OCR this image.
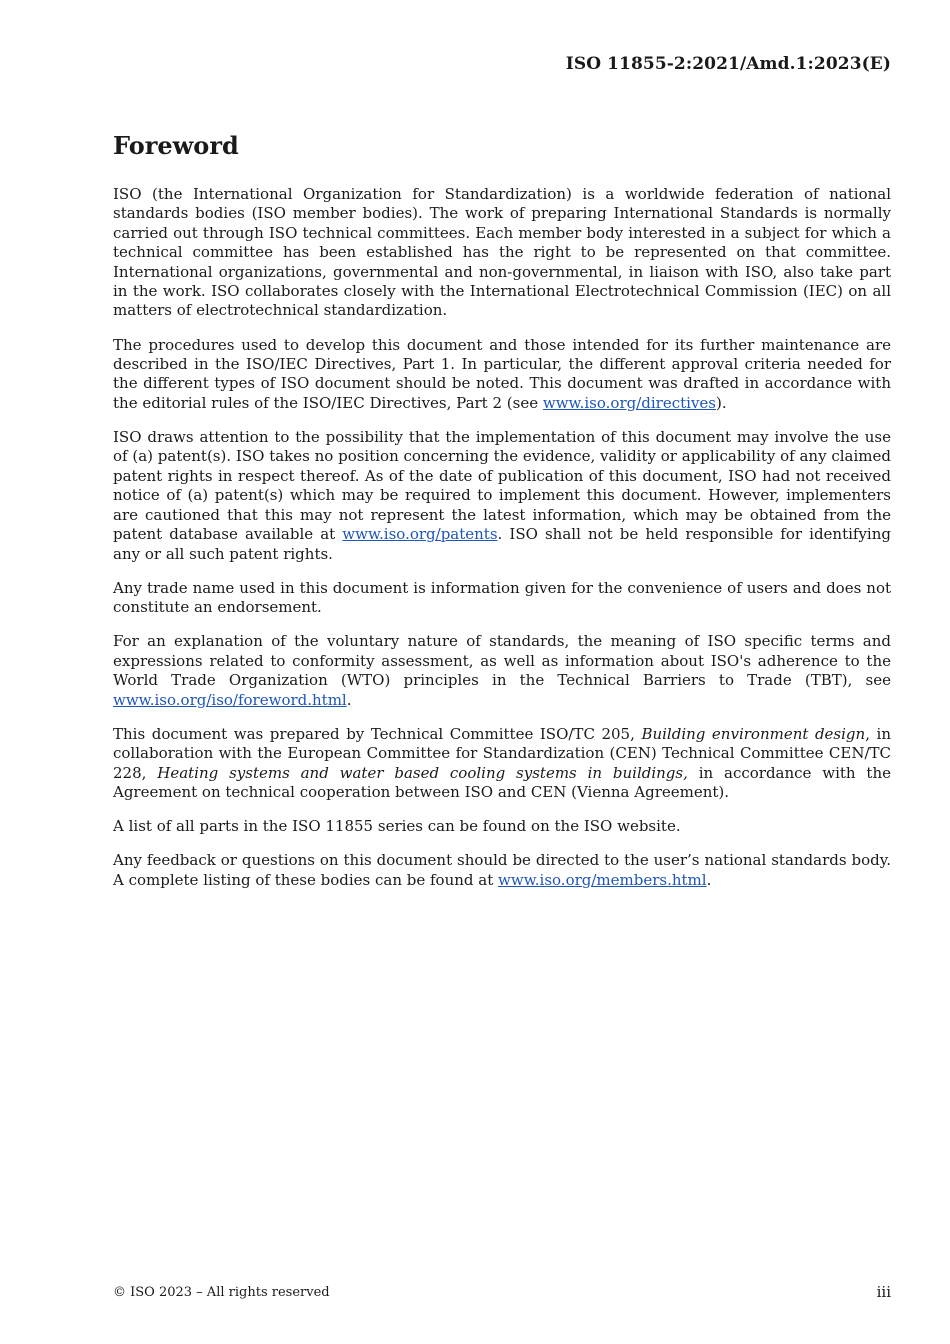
ISO 11855-2:2021/Amd.1:2023(E)
Foreword

ISO (the International Organization for Standardization) is a worldwide federation of national standards bodies (ISO member bodies). The work of preparing International Standards is normally carried out through ISO technical committees. Each member body interested in a subject for which a technical committee has been established has the right to be represented on that committee. International organizations, governmental and non-governmental, in liaison with ISO, also take part in the work. ISO collaborates closely with the International Electrotechnical Commission (IEC) on all matters of electrotechnical standardization.

The procedures used to develop this document and those intended for its further maintenance are described in the ISO/IEC Directives, Part 1. In particular, the different approval criteria needed for the different types of ISO document should be noted. This document was drafted in accordance with the editorial rules of the ISO/IEC Directives, Part 2 (see www.iso.org/directives).

ISO draws attention to the possibility that the implementation of this document may involve the use of (a) patent(s). ISO takes no position concerning the evidence, validity or applicability of any claimed patent rights in respect thereof. As of the date of publication of this document, ISO had not received notice of (a) patent(s) which may be required to implement this document. However, implementers are cautioned that this may not represent the latest information, which may be obtained from the patent database available at www.iso.org/patents. ISO shall not be held responsible for identifying any or all such patent rights.

Any trade name used in this document is information given for the convenience of users and does not constitute an endorsement.

For an explanation of the voluntary nature of standards, the meaning of ISO specific terms and expressions related to conformity assessment, as well as information about ISO's adherence to the World Trade Organization (WTO) principles in the Technical Barriers to Trade (TBT), see www.iso.org/iso/foreword.html.

This document was prepared by Technical Committee ISO/TC 205, Building environment design, in collaboration with the European Committee for Standardization (CEN) Technical Committee CEN/TC 228, Heating systems and water based cooling systems in buildings, in accordance with the Agreement on technical cooperation between ISO and CEN (Vienna Agreement).

A list of all parts in the ISO 11855 series can be found on the ISO website.

Any feedback or questions on this document should be directed to the user’s national standards body. A complete listing of these bodies can be found at www.iso.org/members.html.

© ISO 2023 – All rights reserved	iii
